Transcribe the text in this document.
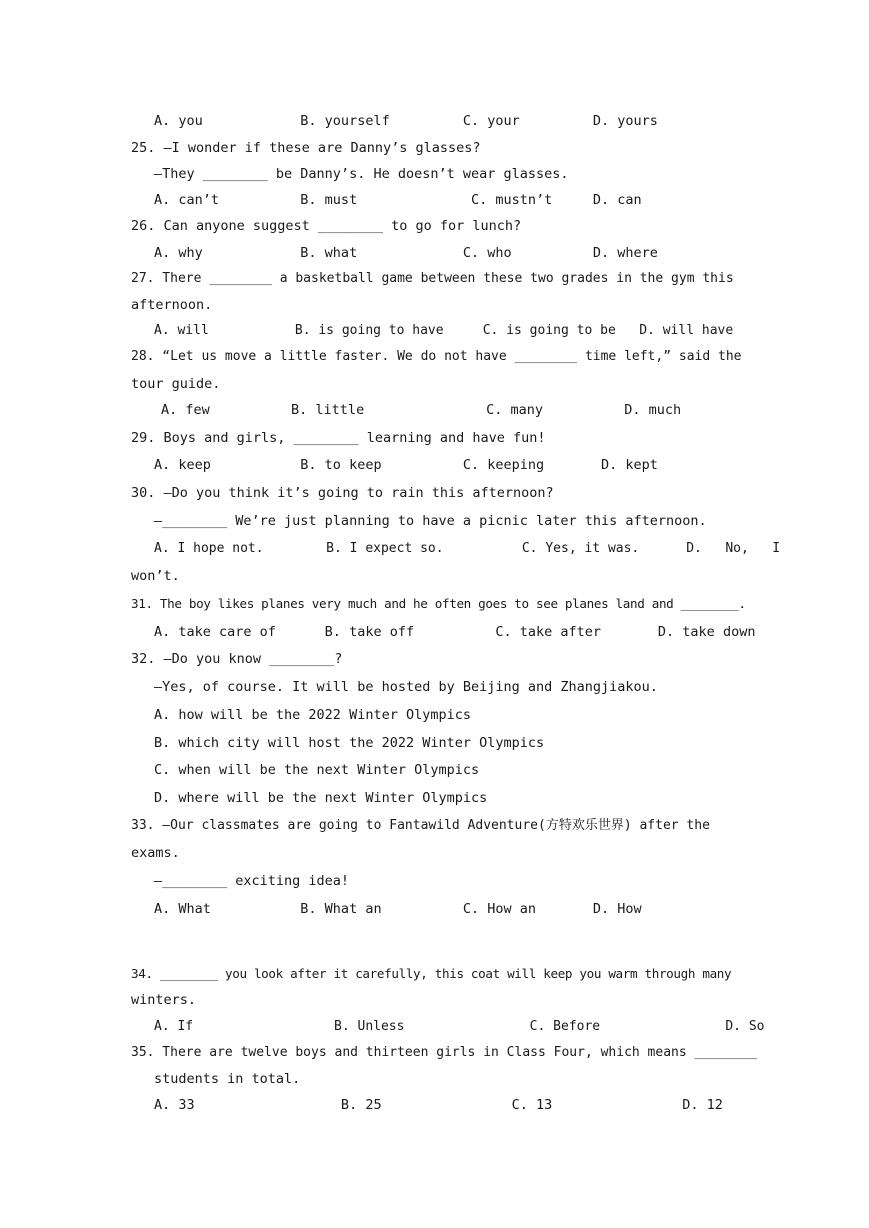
A. you            B. yourself         C. your         D. yours
25. —I wonder if these are Danny’s glasses?
—They ________ be Danny’s. He doesn’t wear glasses.
A. can’t          B. must              C. mustn’t     D. can
26. Can anyone suggest ________ to go for lunch?
A. why            B. what             C. who          D. where
27. There ________ a basketball game between these two grades in the gym this
afternoon.
A. will           B. is going to have     C. is going to be   D. will have
28. “Let us move a little faster. We do not have ________ time left,” said the
tour guide.
A. few          B. little               C. many          D. much
29. Boys and girls, ________ learning and have fun!
A. keep           B. to keep          C. keeping       D. kept
30. —Do you think it’s going to rain this afternoon?
—________ We’re just planning to have a picnic later this afternoon.
A. I hope not.        B. I expect so.          C. Yes, it was.      D.   No,   I
won’t.
31. The boy likes planes very much and he often goes to see planes land and ________.
A. take care of      B. take off          C. take after       D. take down
32. —Do you know ________?
—Yes, of course. It will be hosted by Beijing and Zhangjiakou.
A. how will be the 2022 Winter Olympics
B. which city will host the 2022 Winter Olympics
C. when will be the next Winter Olympics
D. where will be the next Winter Olympics
33. —Our classmates are going to Fantawild Adventure(方特欢乐世界) after the
exams.
—________ exciting idea!
A. What           B. What an          C. How an       D. How
34. ________ you look after it carefully, this coat will keep you warm through many
winters.
A. If                  B. Unless                C. Before                D. So
35. There are twelve boys and thirteen girls in Class Four, which means ________
students in total.
A. 33                  B. 25                C. 13                D. 12
